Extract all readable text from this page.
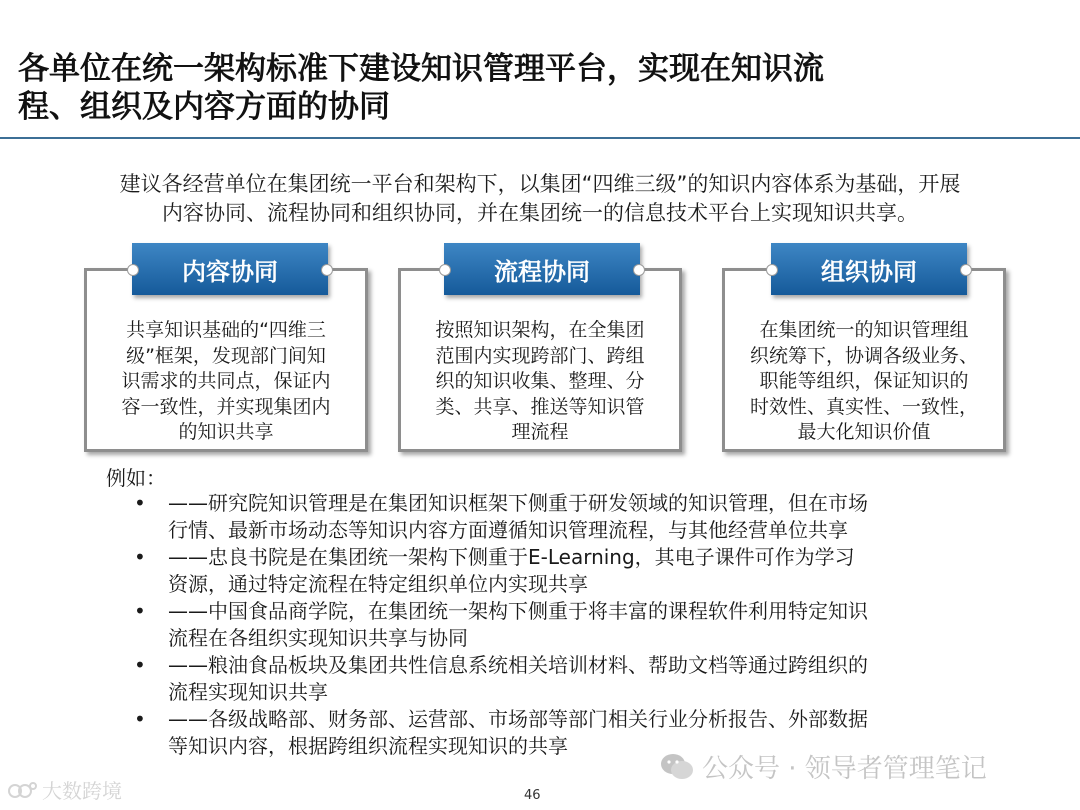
各单位在统一架构标准下建设知识管理平台，实现在知识流
程、组织及内容方面的协同

建议各经营单位在集团统一平台和架构下，以集团“四维三级”的知识内容体系为基础，开展
内容协同、流程协同和组织协同，并在集团统一的信息技术平台上实现知识共享。

内容协同
共享知识基础的“四维三
级”框架，发现部门间知
识需求的共同点，保证内
容一致性，并实现集团内
的知识共享
流程协同
按照知识架构，在全集团
范围内实现跨部门、跨组
织的知识收集、整理、分
类、共享、推送等知识管
理流程
组织协同
在集团统一的知识管理组
织统筹下，协调各级业务、
职能等组织，保证知识的
时效性、真实性、一致性，
最大化知识价值
例如：
• ——研究院知识管理是在集团知识框架下侧重于研发领域的知识管理，但在市场
行情、最新市场动态等知识内容方面遵循知识管理流程，与其他经营单位共享
• ——忠良书院是在集团统一架构下侧重于E-Learning，其电子课件可作为学习
资源，通过特定流程在特定组织单位内实现共享
• ——中国食品商学院，在集团统一架构下侧重于将丰富的课程软件利用特定知识
流程在各组织实现知识共享与协同
• ——粮油食品板块及集团共性信息系统相关培训材料、帮助文档等通过跨组织的
流程实现知识共享
• ——各级战略部、财务部、运营部、市场部等部门相关行业分析报告、外部数据
等知识内容，根据跨组织流程实现知识的共享
大数跨境
公众号 · 领导者管理笔记
46
